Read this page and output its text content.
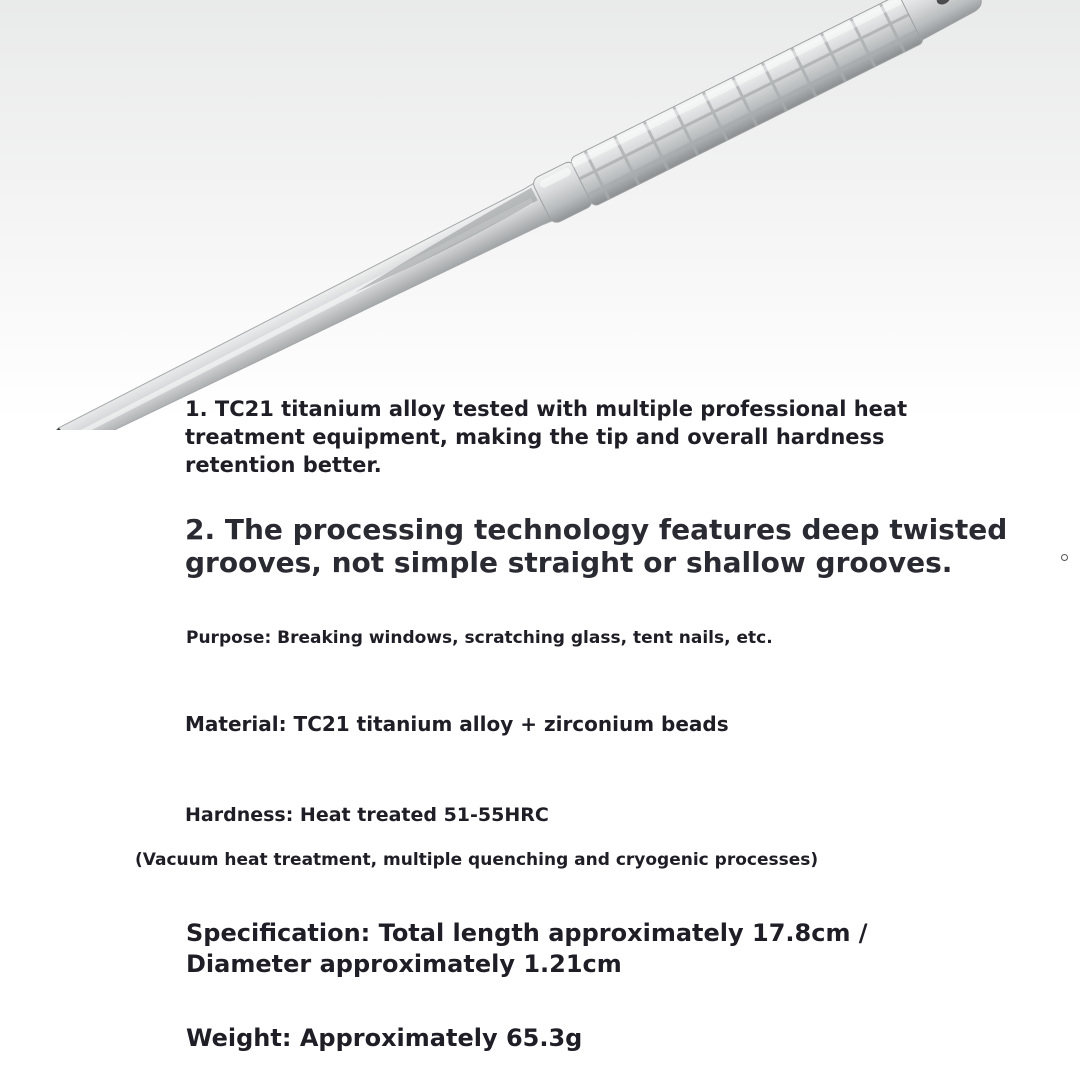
1. TC21 titanium alloy tested with multiple professional heat
treatment equipment, making the tip and overall hardness
retention better.

2. The processing technology features deep twisted
grooves, not simple straight or shallow grooves.

Purpose: Breaking windows, scratching glass, tent nails, etc.

Material: TC21 titanium alloy + zirconium beads

Hardness: Heat treated 51-55HRC

(Vacuum heat treatment, multiple quenching and cryogenic processes)

Specification: Total length approximately 17.8cm /
Diameter approximately 1.21cm

Weight: Approximately 65.3g
